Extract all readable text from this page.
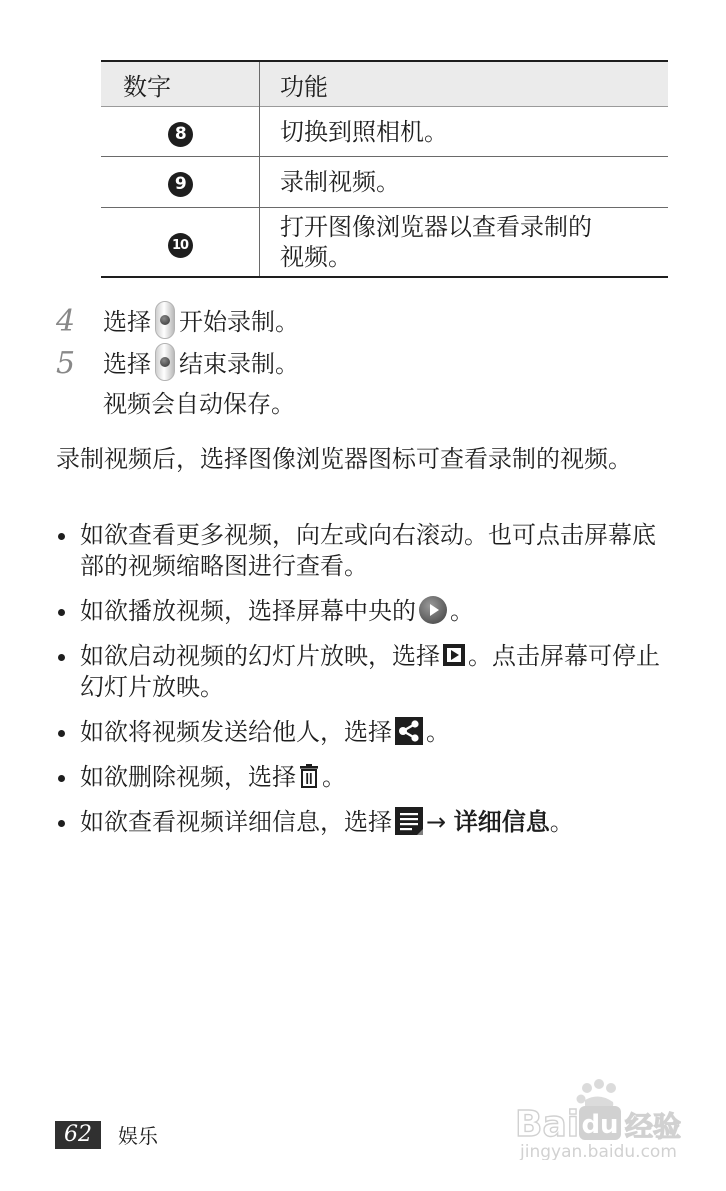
数字	功能
8	切换到照相机。
9	录制视频。
10	打开图像浏览器以查看录制的
视频。
4 选择 开始录制。
5 选择 结束录制。
视频会自动保存。
录制视频后，选择图像浏览器图标可查看录制的视频。
如欲查看更多视频，向左或向右滚动。也可点击屏幕底部的视频缩略图进行查看。
如欲播放视频，选择屏幕中央的 。
如欲启动视频的幻灯片放映，选择 。点击屏幕可停止幻灯片放映。
如欲将视频发送给他人，选择 。
如欲删除视频，选择 。
如欲查看视频详细信息，选择 → 详细信息。
62	娱乐	Bai du 经验
jingyan.baidu.com
